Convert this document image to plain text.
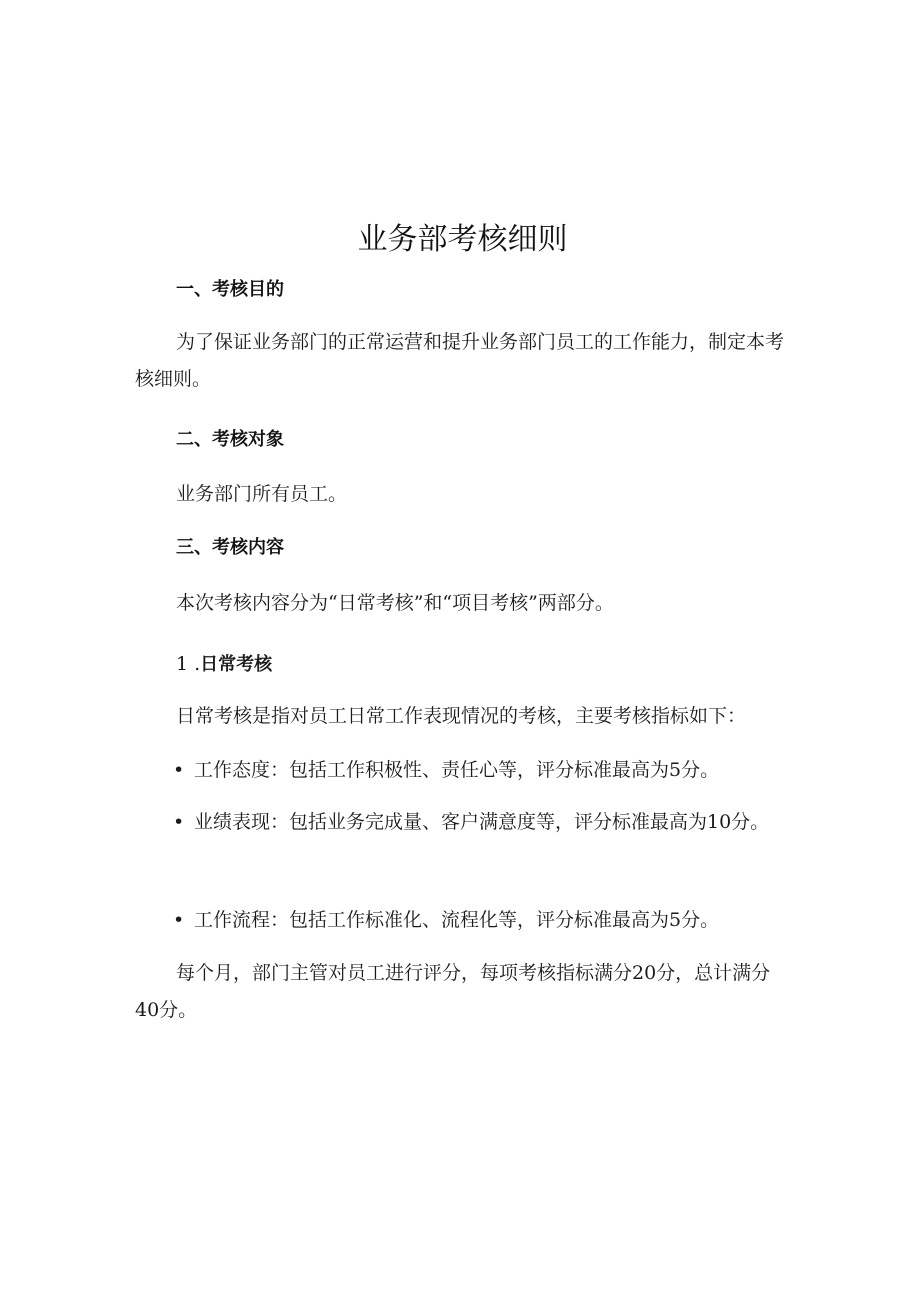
业务部考核细则
一、考核目的
为了保证业务部门的正常运营和提升业务部门员工的工作能力，制定本考核细则。
二、考核对象
业务部门所有员工。
三、考核内容
本次考核内容分为“日常考核”和“项目考核”两部分。
1 .日常考核
日常考核是指对员工日常工作表现情况的考核，主要考核指标如下：
• 工作态度：包括工作积极性、责任心等，评分标准最高为5分。
• 业绩表现：包括业务完成量、客户满意度等，评分标准最高为10分。
• 工作流程：包括工作标准化、流程化等，评分标准最高为5分。
每个月，部门主管对员工进行评分，每项考核指标满分20分，总计满分40分。
